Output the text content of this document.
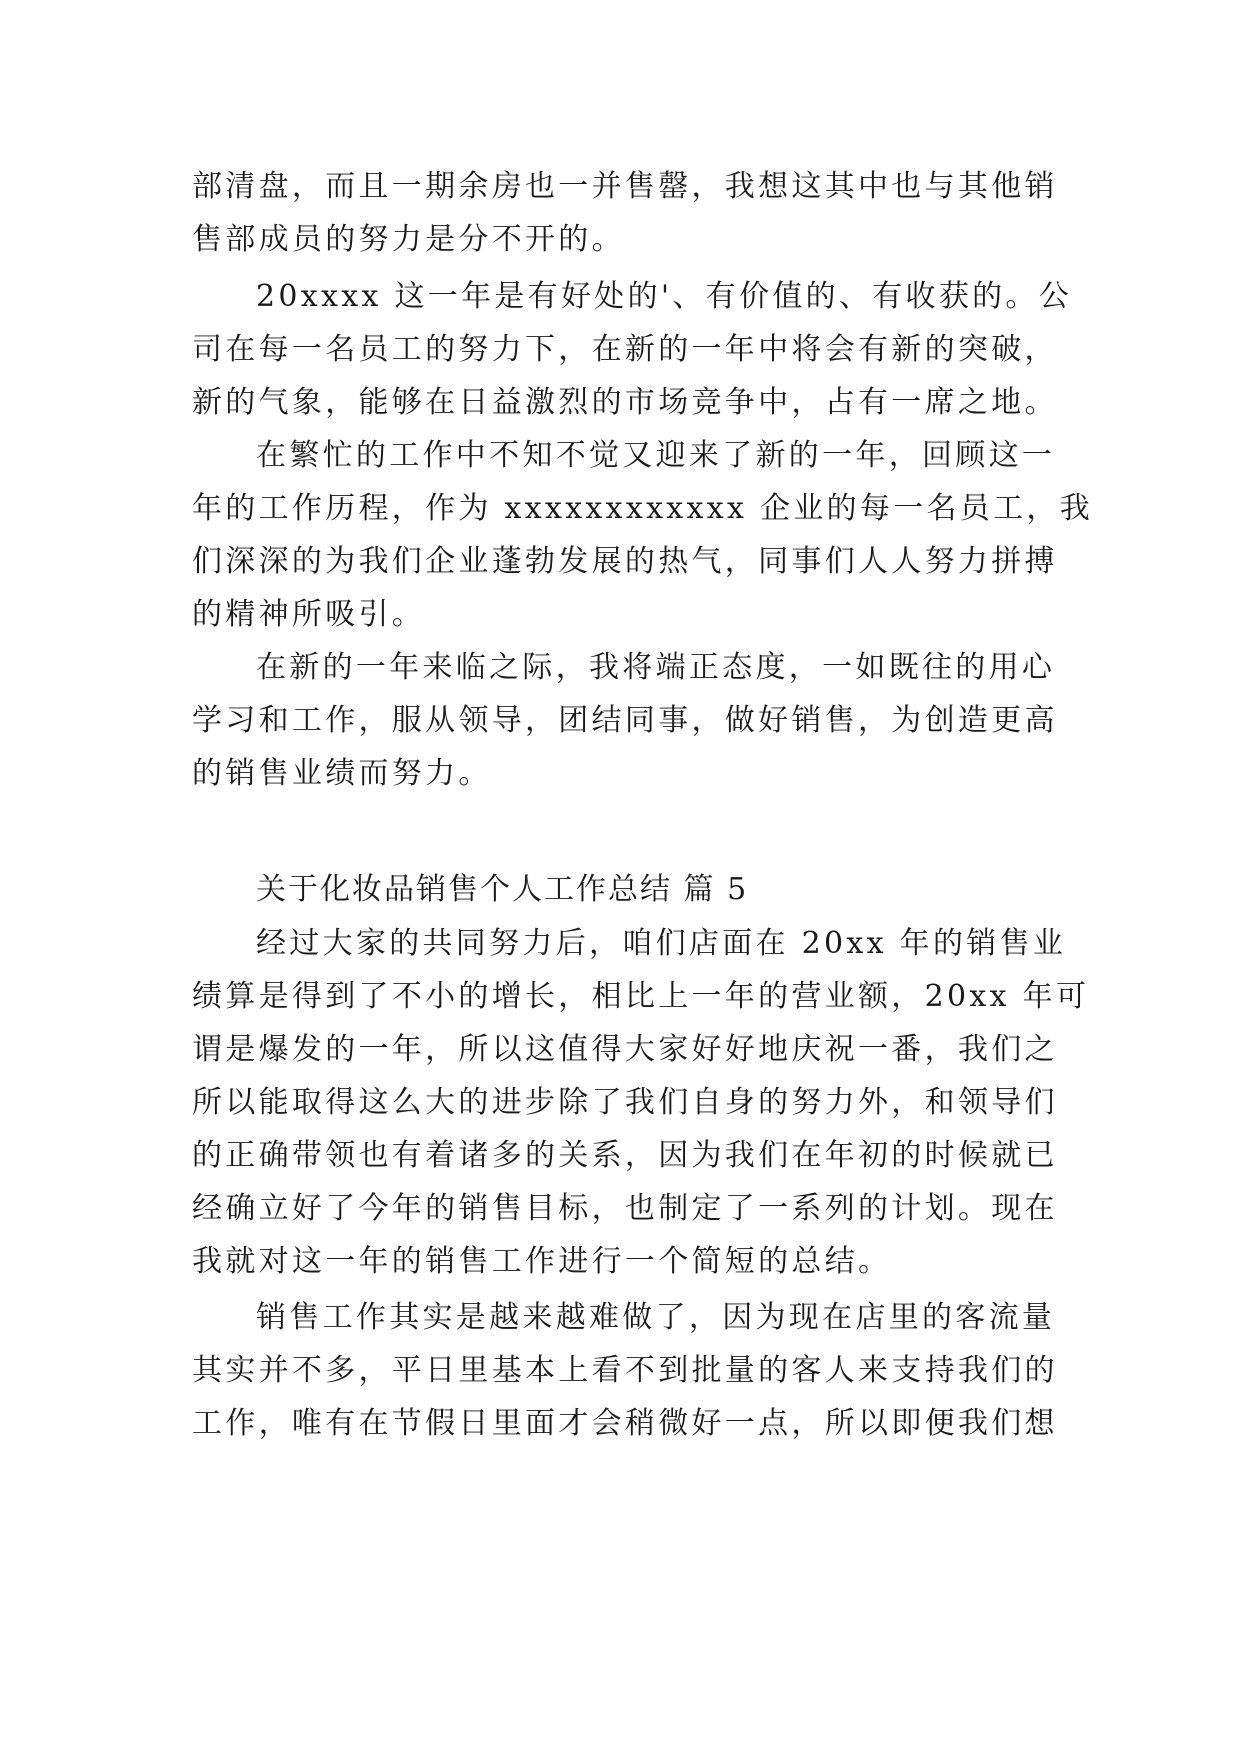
部清盘，而且一期余房也一并售罄，我想这其中也与其他销
售部成员的努力是分不开的。
20xxxx 这一年是有好处的'、有价值的、有收获的。公
司在每一名员工的努力下，在新的一年中将会有新的突破，
新的气象，能够在日益激烈的市场竞争中，占有一席之地。
在繁忙的工作中不知不觉又迎来了新的一年，回顾这一
年的工作历程，作为 xxxxxxxxxxxx 企业的每一名员工，我
们深深的为我们企业蓬勃发展的热气，同事们人人努力拼搏
的精神所吸引。
在新的一年来临之际，我将端正态度，一如既往的用心
学习和工作，服从领导，团结同事，做好销售，为创造更高
的销售业绩而努力。
关于化妆品销售个人工作总结 篇 5
经过大家的共同努力后，咱们店面在 20xx 年的销售业
绩算是得到了不小的增长，相比上一年的营业额，20xx 年可
谓是爆发的一年，所以这值得大家好好地庆祝一番，我们之
所以能取得这么大的进步除了我们自身的努力外，和领导们
的正确带领也有着诸多的关系，因为我们在年初的时候就已
经确立好了今年的销售目标，也制定了一系列的计划。现在
我就对这一年的销售工作进行一个简短的总结。
销售工作其实是越来越难做了，因为现在店里的客流量
其实并不多，平日里基本上看不到批量的客人来支持我们的
工作，唯有在节假日里面才会稍微好一点，所以即便我们想
